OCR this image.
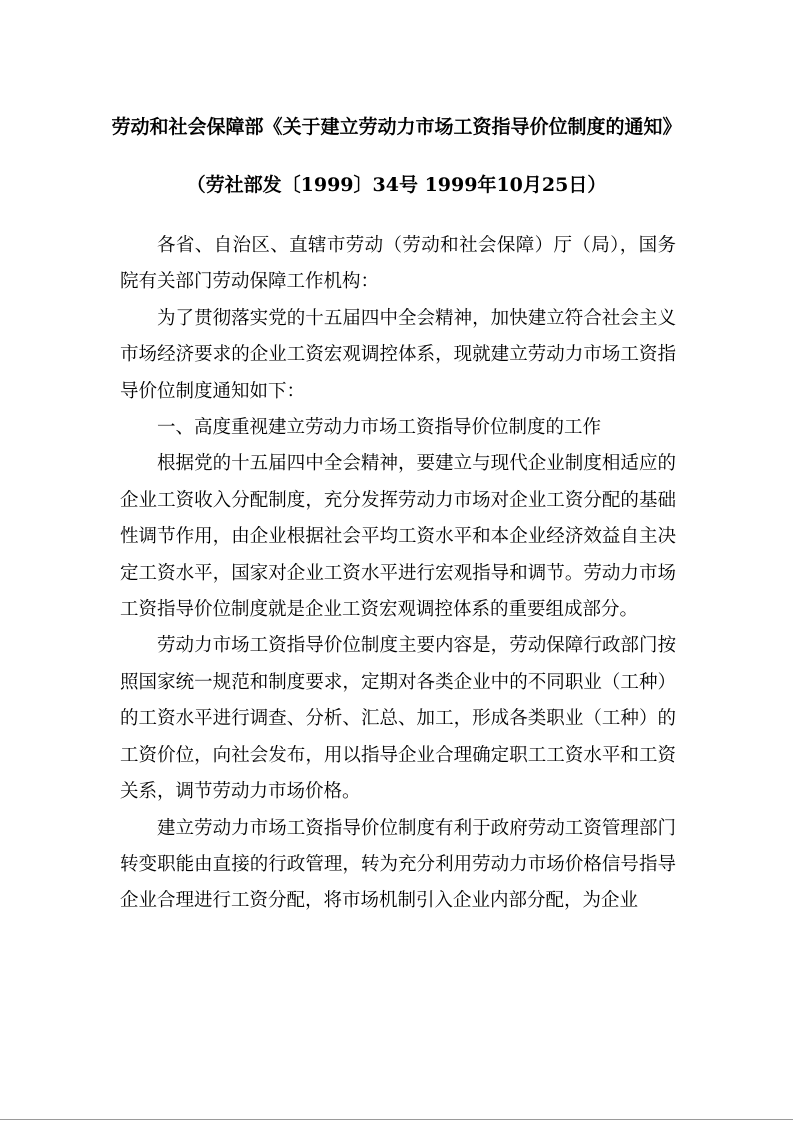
劳动和社会保障部《关于建立劳动力市场工资指导价位制度的通知》
（劳社部发〔1999〕34号 1999年10月25日）

各省、自治区、直辖市劳动（劳动和社会保障）厅（局），国务院有关部门劳动保障工作机构：

为了贯彻落实党的十五届四中全会精神，加快建立符合社会主义市场经济要求的企业工资宏观调控体系，现就建立劳动力市场工资指导价位制度通知如下：

一、高度重视建立劳动力市场工资指导价位制度的工作

根据党的十五届四中全会精神，要建立与现代企业制度相适应的企业工资收入分配制度，充分发挥劳动力市场对企业工资分配的基础性调节作用，由企业根据社会平均工资水平和本企业经济效益自主决定工资水平，国家对企业工资水平进行宏观指导和调节。劳动力市场工资指导价位制度就是企业工资宏观调控体系的重要组成部分。

劳动力市场工资指导价位制度主要内容是，劳动保障行政部门按照国家统一规范和制度要求，定期对各类企业中的不同职业（工种）的工资水平进行调查、分析、汇总、加工，形成各类职业（工种）的工资价位，向社会发布，用以指导企业合理确定职工工资水平和工资关系，调节劳动力市场价格。

建立劳动力市场工资指导价位制度有利于政府劳动工资管理部门转变职能由直接的行政管理，转为充分利用劳动力市场价格信号指导企业合理进行工资分配，将市场机制引入企业内部分配，为企业
